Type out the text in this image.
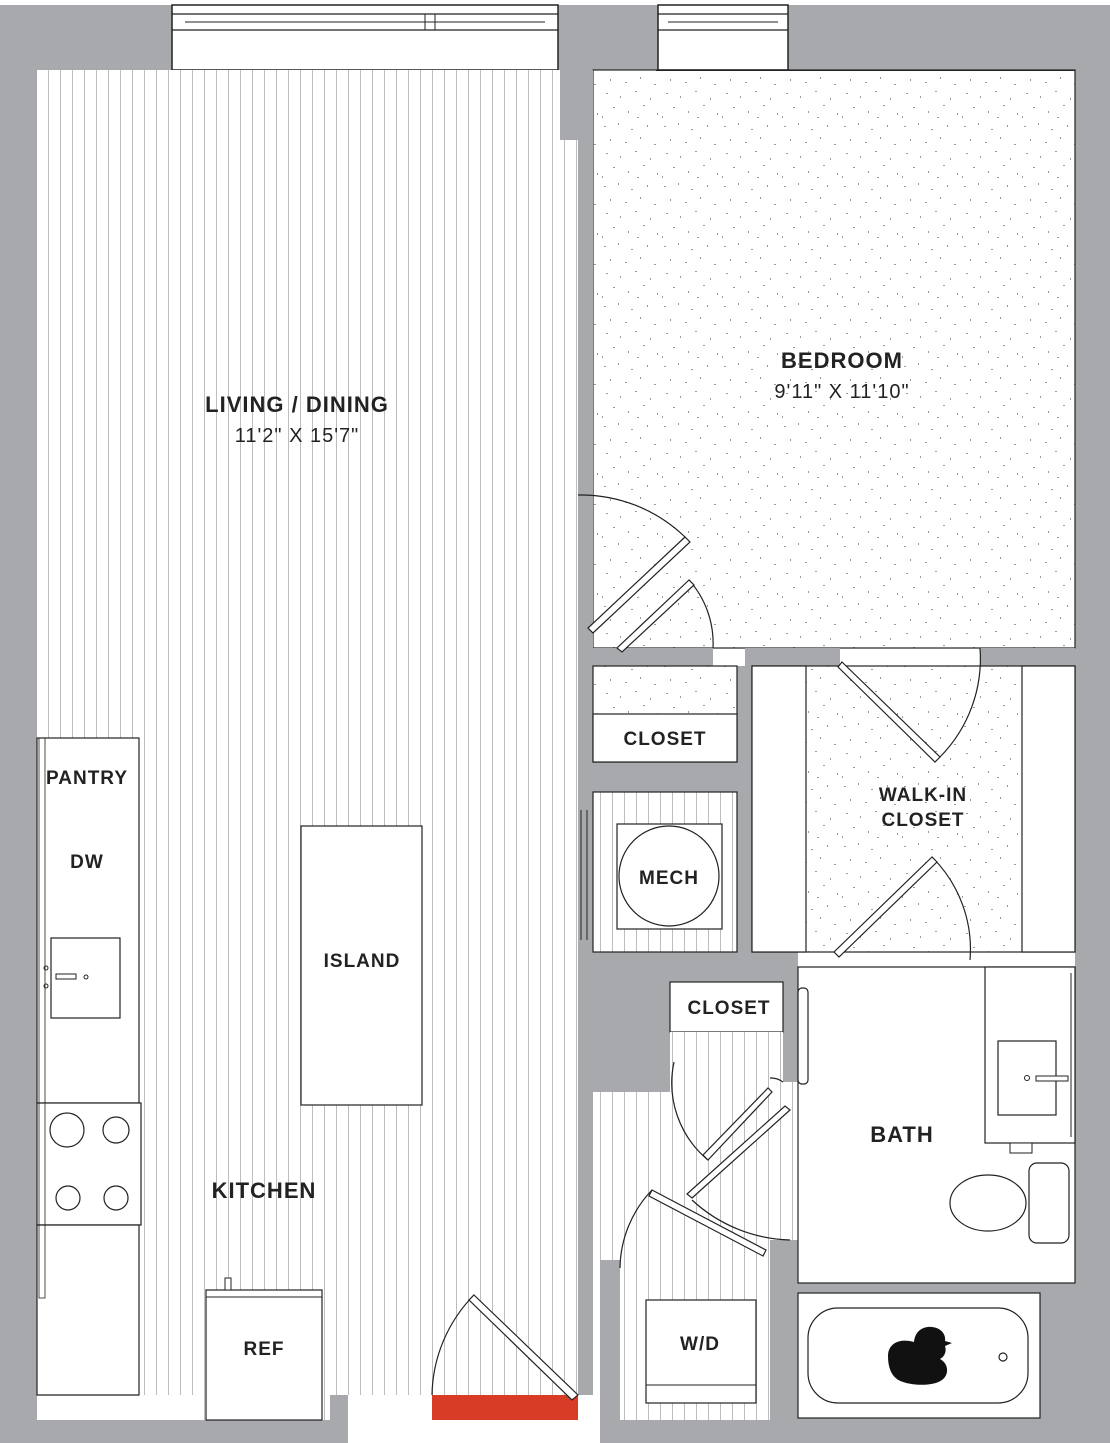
LIVING / DINING
11'2" X 15'7"
BEDROOM
9'11" X 11'10"
KITCHEN
BATH
WALK-IN
CLOSET
PANTRY
DW
ISLAND
REF
MECH
CLOSET
CLOSET
W/D
